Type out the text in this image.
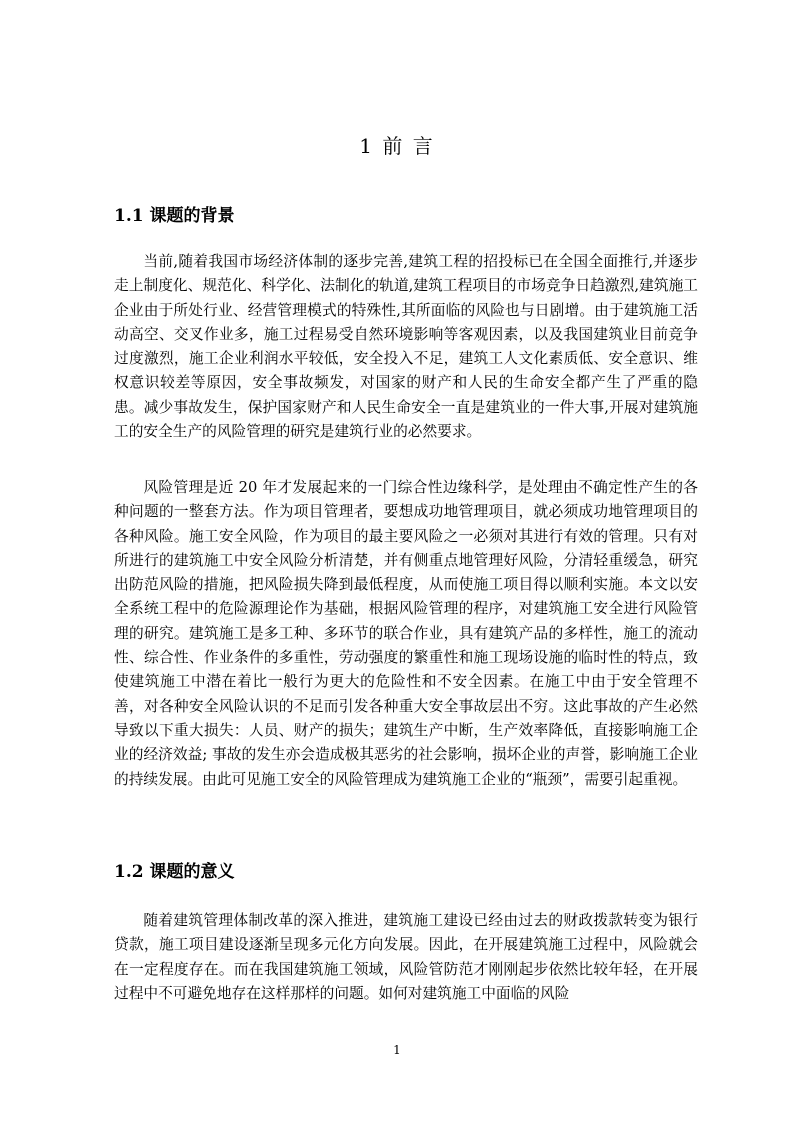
1 前 言
1.1 课题的背景

当前,随着我国市场经济体制的逐步完善,建筑工程的招投标已在全国全面推行,并逐步走上制度化、规范化、科学化、法制化的轨道,建筑工程项目的市场竞争日趋激烈,建筑施工企业由于所处行业、经营管理模式的特殊性,其所面临的风险也与日剧增。由于建筑施工活动高空、交叉作业多，施工过程易受自然环境影响等客观因素，以及我国建筑业目前竞争过度激烈，施工企业利润水平较低，安全投入不足，建筑工人文化素质低、安全意识、维权意识较差等原因，安全事故频发，对国家的财产和人民的生命安全都产生了严重的隐患。减少事故发生，保护国家财产和人民生命安全一直是建筑业的一件大事,开展对建筑施工的安全生产的风险管理的研究是建筑行业的必然要求。

风险管理是近 20 年才发展起来的一门综合性边缘科学，是处理由不确定性产生的各种问题的一整套方法。作为项目管理者，要想成功地管理项目，就必须成功地管理项目的各种风险。施工安全风险，作为项目的最主要风险之一必须对其进行有效的管理。只有对所进行的建筑施工中安全风险分析清楚，并有侧重点地管理好风险，分清轻重缓急，研究出防范风险的措施，把风险损失降到最低程度，从而使施工项目得以顺利实施。本文以安全系统工程中的危险源理论作为基础，根据风险管理的程序，对建筑施工安全进行风险管理的研究。建筑施工是多工种、多环节的联合作业，具有建筑产品的多样性，施工的流动性、综合性、作业条件的多重性，劳动强度的繁重性和施工现场设施的临时性的特点，致使建筑施工中潜在着比一般行为更大的危险性和不安全因素。在施工中由于安全管理不善，对各种安全风险认识的不足而引发各种重大安全事故层出不穷。这此事故的产生必然导致以下重大损失：人员、财产的损失；建筑生产中断，生产效率降低，直接影响施工企业的经济效益; 事故的发生亦会造成极其恶劣的社会影响，损坏企业的声誉，影响施工企业的持续发展。由此可见施工安全的风险管理成为建筑施工企业的“瓶颈”，需要引起重视。

1.2 课题的意义

随着建筑管理体制改革的深入推进，建筑施工建设已经由过去的财政拨款转变为银行贷款，施工项目建设逐渐呈现多元化方向发展。因此，在开展建筑施工过程中，风险就会在一定程度存在。而在我国建筑施工领域，风险管防范才刚刚起步依然比较年轻，在开展过程中不可避免地存在这样那样的问题。如何对建筑施工中面临的风险

1
